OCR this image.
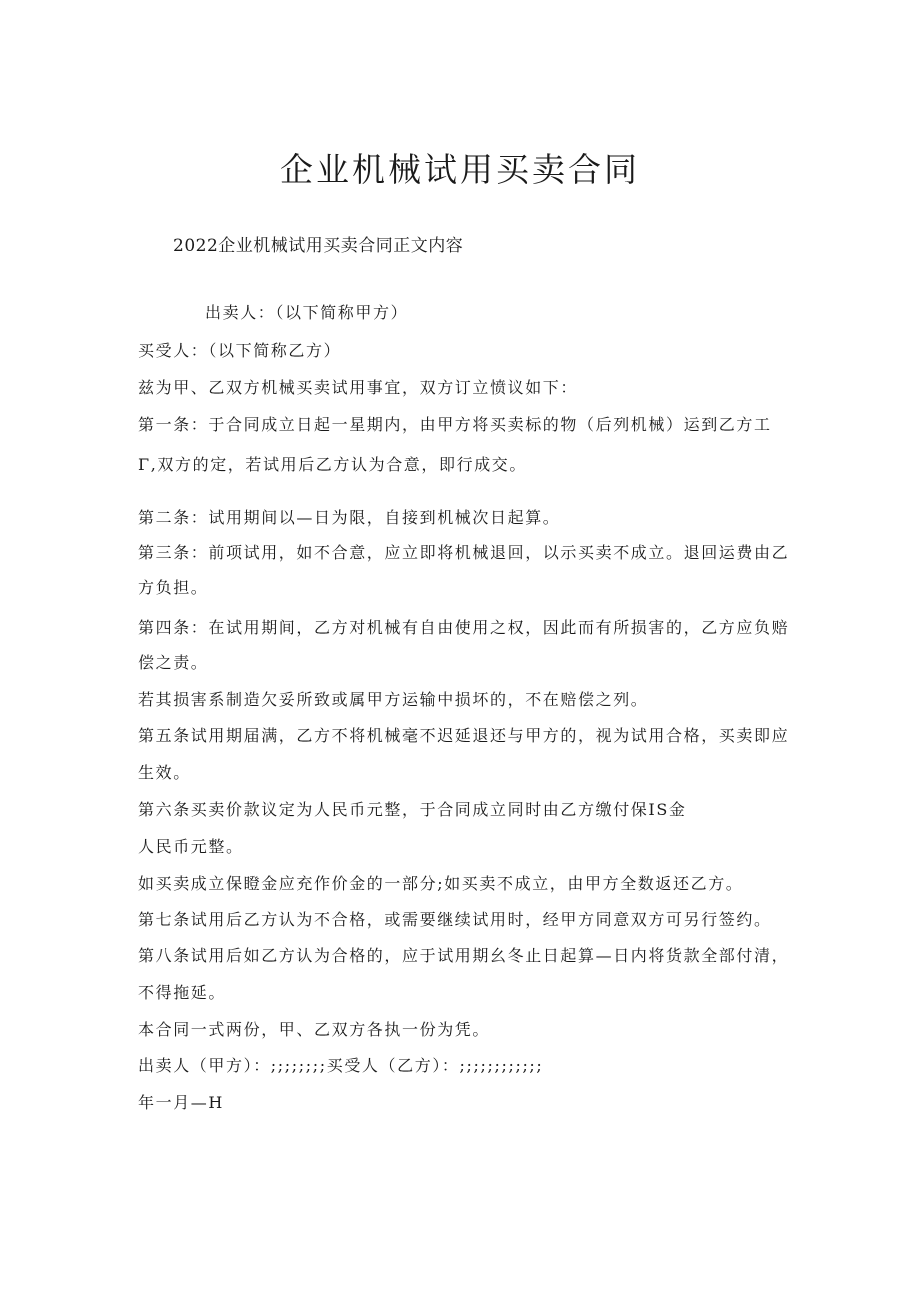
企业机械试用买卖合同
2022企业机械试用买卖合同正文内容
出卖人：（以下简称甲方）
买受人：（以下简称乙方）
兹为甲、乙双方机械买卖试用事宜，双方订立愤议如下：
第一条：于合同成立日起一星期内，由甲方将买卖标的物（后列机械）运到乙方工
Γ,双方的定，若试用后乙方认为合意，即行成交。
第二条：试用期间以—日为限，自接到机械次日起算。
第三条：前项试用，如不合意，应立即将机械退回，以示买卖不成立。退回运费由乙
方负担。
第四条：在试用期间，乙方对机械有自由使用之权，因此而有所损害的，乙方应负赔
偿之责。
若其损害系制造欠妥所致或属甲方运输中损坏的，不在赔偿之列。
第五条试用期届满，乙方不将机械毫不迟延退还与甲方的，视为试用合格，买卖即应
生效。
第六条买卖价款议定为人民币元整，于合同成立同时由乙方缴付保IS金
人民币元整。
如买卖成立保瞪金应充作价金的一部分;如买卖不成立，由甲方全数返还乙方。
第七条试用后乙方认为不合格，或需要继续试用时，经甲方同意双方可另行签约。
第八条试用后如乙方认为合格的，应于试用期幺冬止日起算—日内将货款全部付清，
不得拖延。
本合同一式两份，甲、乙双方各执一份为凭。
出卖人（甲方）：;;;;;;;;买受人（乙方）：;;;;;;;;;;;;
年一月—H
